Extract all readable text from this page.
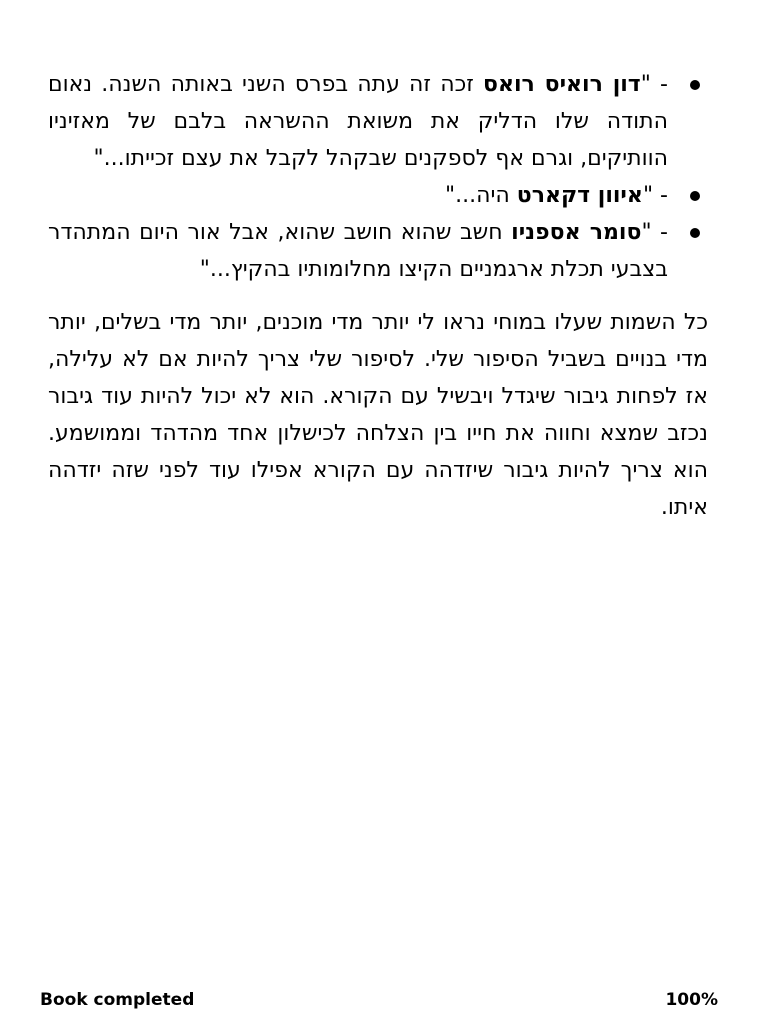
- "דון רואיס רואס זכה זה עתה בפרס השני באותה השנה. נאום התודה שלו הדליק את משואת ההשראה בלבם של מאזיניו הוותיקים, וגרם אף לספקנים שבקהל לקבל את עצם זכייתו..."
- "איוון דקארט היה..."
- "סומר אספניו חשב שהוא חושב שהוא, אבל אור היום המתהדר בצבעי תכלת ארגמניים הקיצו מחלומותיו בהקיץ..."

כל השמות שעלו במוחי נראו לי יותר מדי מוכנים, יותר מדי בשלים, יותר מדי בנויים בשביל הסיפור שלי. לסיפור שלי צריך להיות אם לא עלילה, אז לפחות גיבור שיגדל ויבשיל עם הקורא. הוא לא יכול להיות עוד גיבור נכזב שמצא וחווה את חייו בין הצלחה לכישלון אחד מהדהד וממושמע. הוא צריך להיות גיבור שיזדהה עם הקורא אפילו עוד לפני שזה יזדהה איתו.

Book completed	100%
